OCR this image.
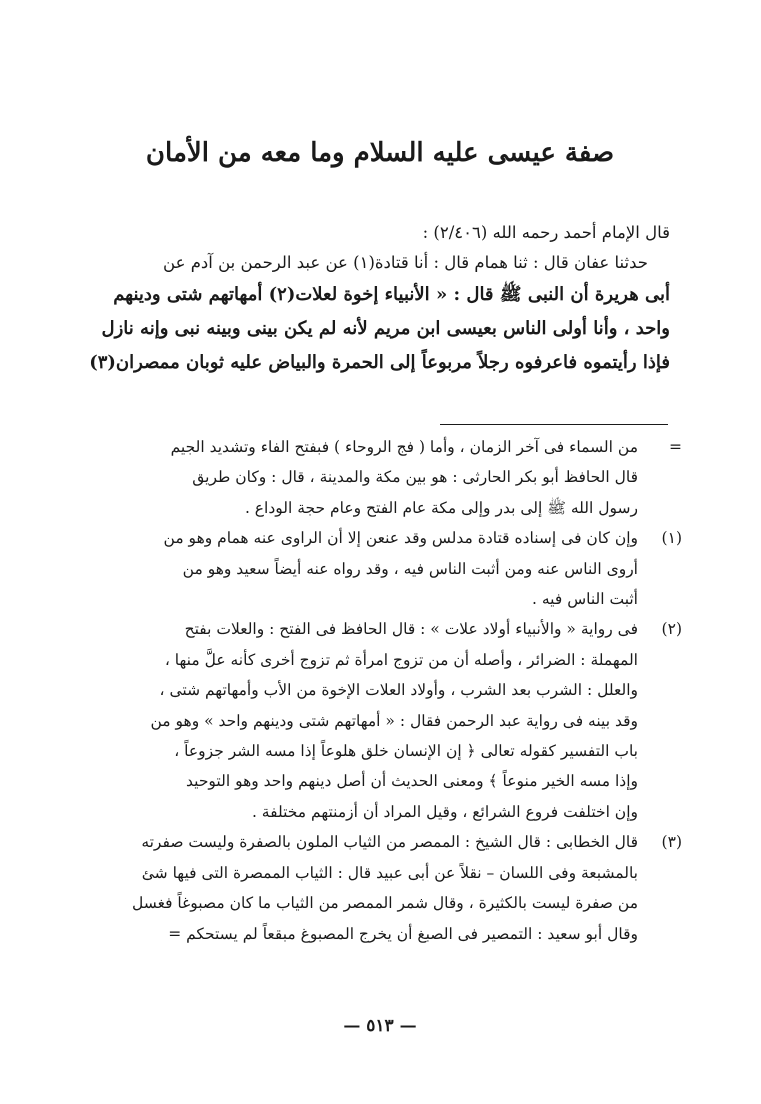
صفة عيسى عليه السلام وما معه من الأمان
قال الإمام أحمد رحمه الله (٢/٤٠٦) :
حدثنا عفان قال : ثنا همام قال : أنا قتادة(١) عن عبد الرحمن بن آدم عن
أبى هريرة أن النبى ﷺ قال : « الأنبياء إخوة لعلات(٢) أمهاتهم شتى ودينهم
واحد ، وأنا أولى الناس بعيسى ابن مريم لأنه لم يكن بينى وبينه نبى وإنه نازل
فإذا رأيتموه فاعرفوه رجلاً مربوعاً إلى الحمرة والبياض عليه ثوبان ممصران(٣)
=
من السماء فى آخر الزمان ، وأما ( فج الروحاء ) فبفتح الفاء وتشديد الجيم
قال الحافظ أبو بكر الحارثى : هو بين مكة والمدينة ، قال : وكان طريق
رسول الله ﷺ إلى بدر وإلى مكة عام الفتح وعام حجة الوداع .
(١)
وإن كان فى إسناده قتادة مدلس وقد عنعن إلا أن الراوى عنه همام وهو من
أروى الناس عنه ومن أثبت الناس فيه ، وقد رواه عنه أيضاً سعيد وهو من
أثبت الناس فيه .
(٢)
فى رواية « والأنبياء أولاد علات » : قال الحافظ فى الفتح : والعلات بفتح
المهملة : الضرائر ، وأصله أن من تزوج امرأة ثم تزوج أخرى كأنه علَّ منها ،
والعلل : الشرب بعد الشرب ، وأولاد العلات الإخوة من الأب وأمهاتهم شتى ،
وقد بينه فى رواية عبد الرحمن فقال : « أمهاتهم شتى ودينهم واحد » وهو من
باب التفسير كقوله تعالى ﴿ إن الإنسان خلق هلوعاً إذا مسه الشر جزوعاً ،
وإذا مسه الخير منوعاً ﴾ ومعنى الحديث أن أصل دينهم واحد وهو التوحيد
وإن اختلفت فروع الشرائع ، وقيل المراد أن أزمنتهم مختلفة .
(٣)
قال الخطابى : قال الشيخ : الممصر من الثياب الملون بالصفرة وليست صفرته
بالمشبعة وفى اللسان – نقلاً عن أبى عبيد قال : الثياب الممصرة التى فيها شئ
من صفرة ليست بالكثيرة ، وقال شمر الممصر من الثياب ما كان مصبوغاً فغسل
وقال أبو سعيد : التمصير فى الصبغ أن يخرج المصبوغ مبقعاً لم يستحكم =
— ٥١٣ —
